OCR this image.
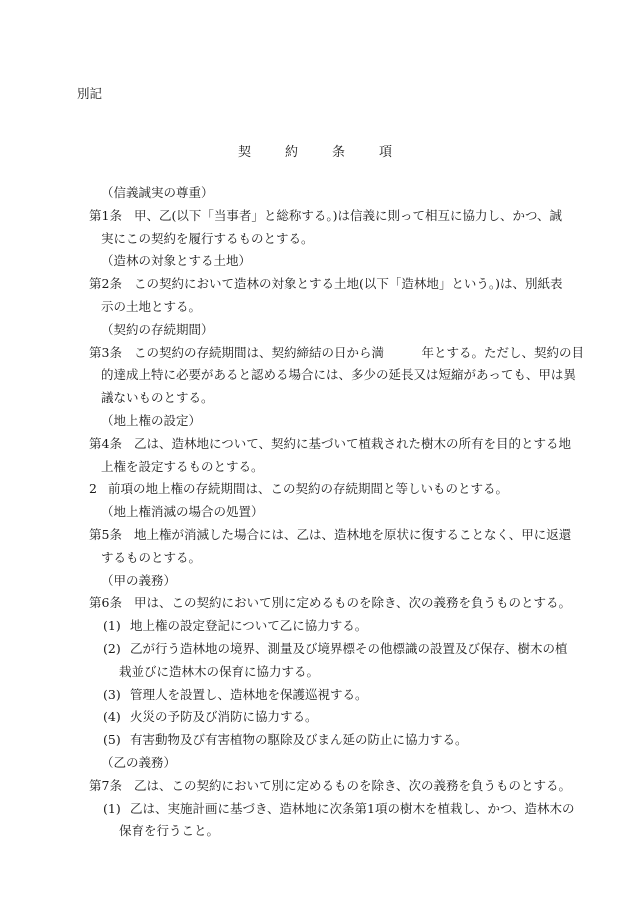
別記
契	約	条	項
（信義誠実の尊重）
第1条 甲、乙(以下「当事者」と総称する。)は信義に則って相互に協力し、かつ、誠
実にこの契約を履行するものとする。
（造林の対象とする土地）
第2条 この契約において造林の対象とする土地(以下「造林地」という。)は、別紙表
示の土地とする。
（契約の存続期間）
第3条 この契約の存続期間は、契約締結の日から満　　　年とする。ただし、契約の目
的達成上特に必要があると認める場合には、多少の延長又は短縮があっても、甲は異
議ないものとする。
（地上権の設定）
第4条 乙は、造林地について、契約に基づいて植栽された樹木の所有を目的とする地
上権を設定するものとする。
2 前項の地上権の存続期間は、この契約の存続期間と等しいものとする。
（地上権消滅の場合の処置）
第5条 地上権が消滅した場合には、乙は、造林地を原状に復することなく、甲に返還
するものとする。
（甲の義務）
第6条 甲は、この契約において別に定めるものを除き、次の義務を負うものとする。
(1) 地上権の設定登記について乙に協力する。
(2) 乙が行う造林地の境界、測量及び境界標その他標識の設置及び保存、樹木の植
栽並びに造林木の保育に協力する。
(3) 管理人を設置し、造林地を保護巡視する。
(4) 火災の予防及び消防に協力する。
(5) 有害動物及び有害植物の駆除及びまん延の防止に協力する。
（乙の義務）
第7条 乙は、この契約において別に定めるものを除き、次の義務を負うものとする。
(1) 乙は、実施計画に基づき、造林地に次条第1項の樹木を植栽し、かつ、造林木の
保育を行うこと。
